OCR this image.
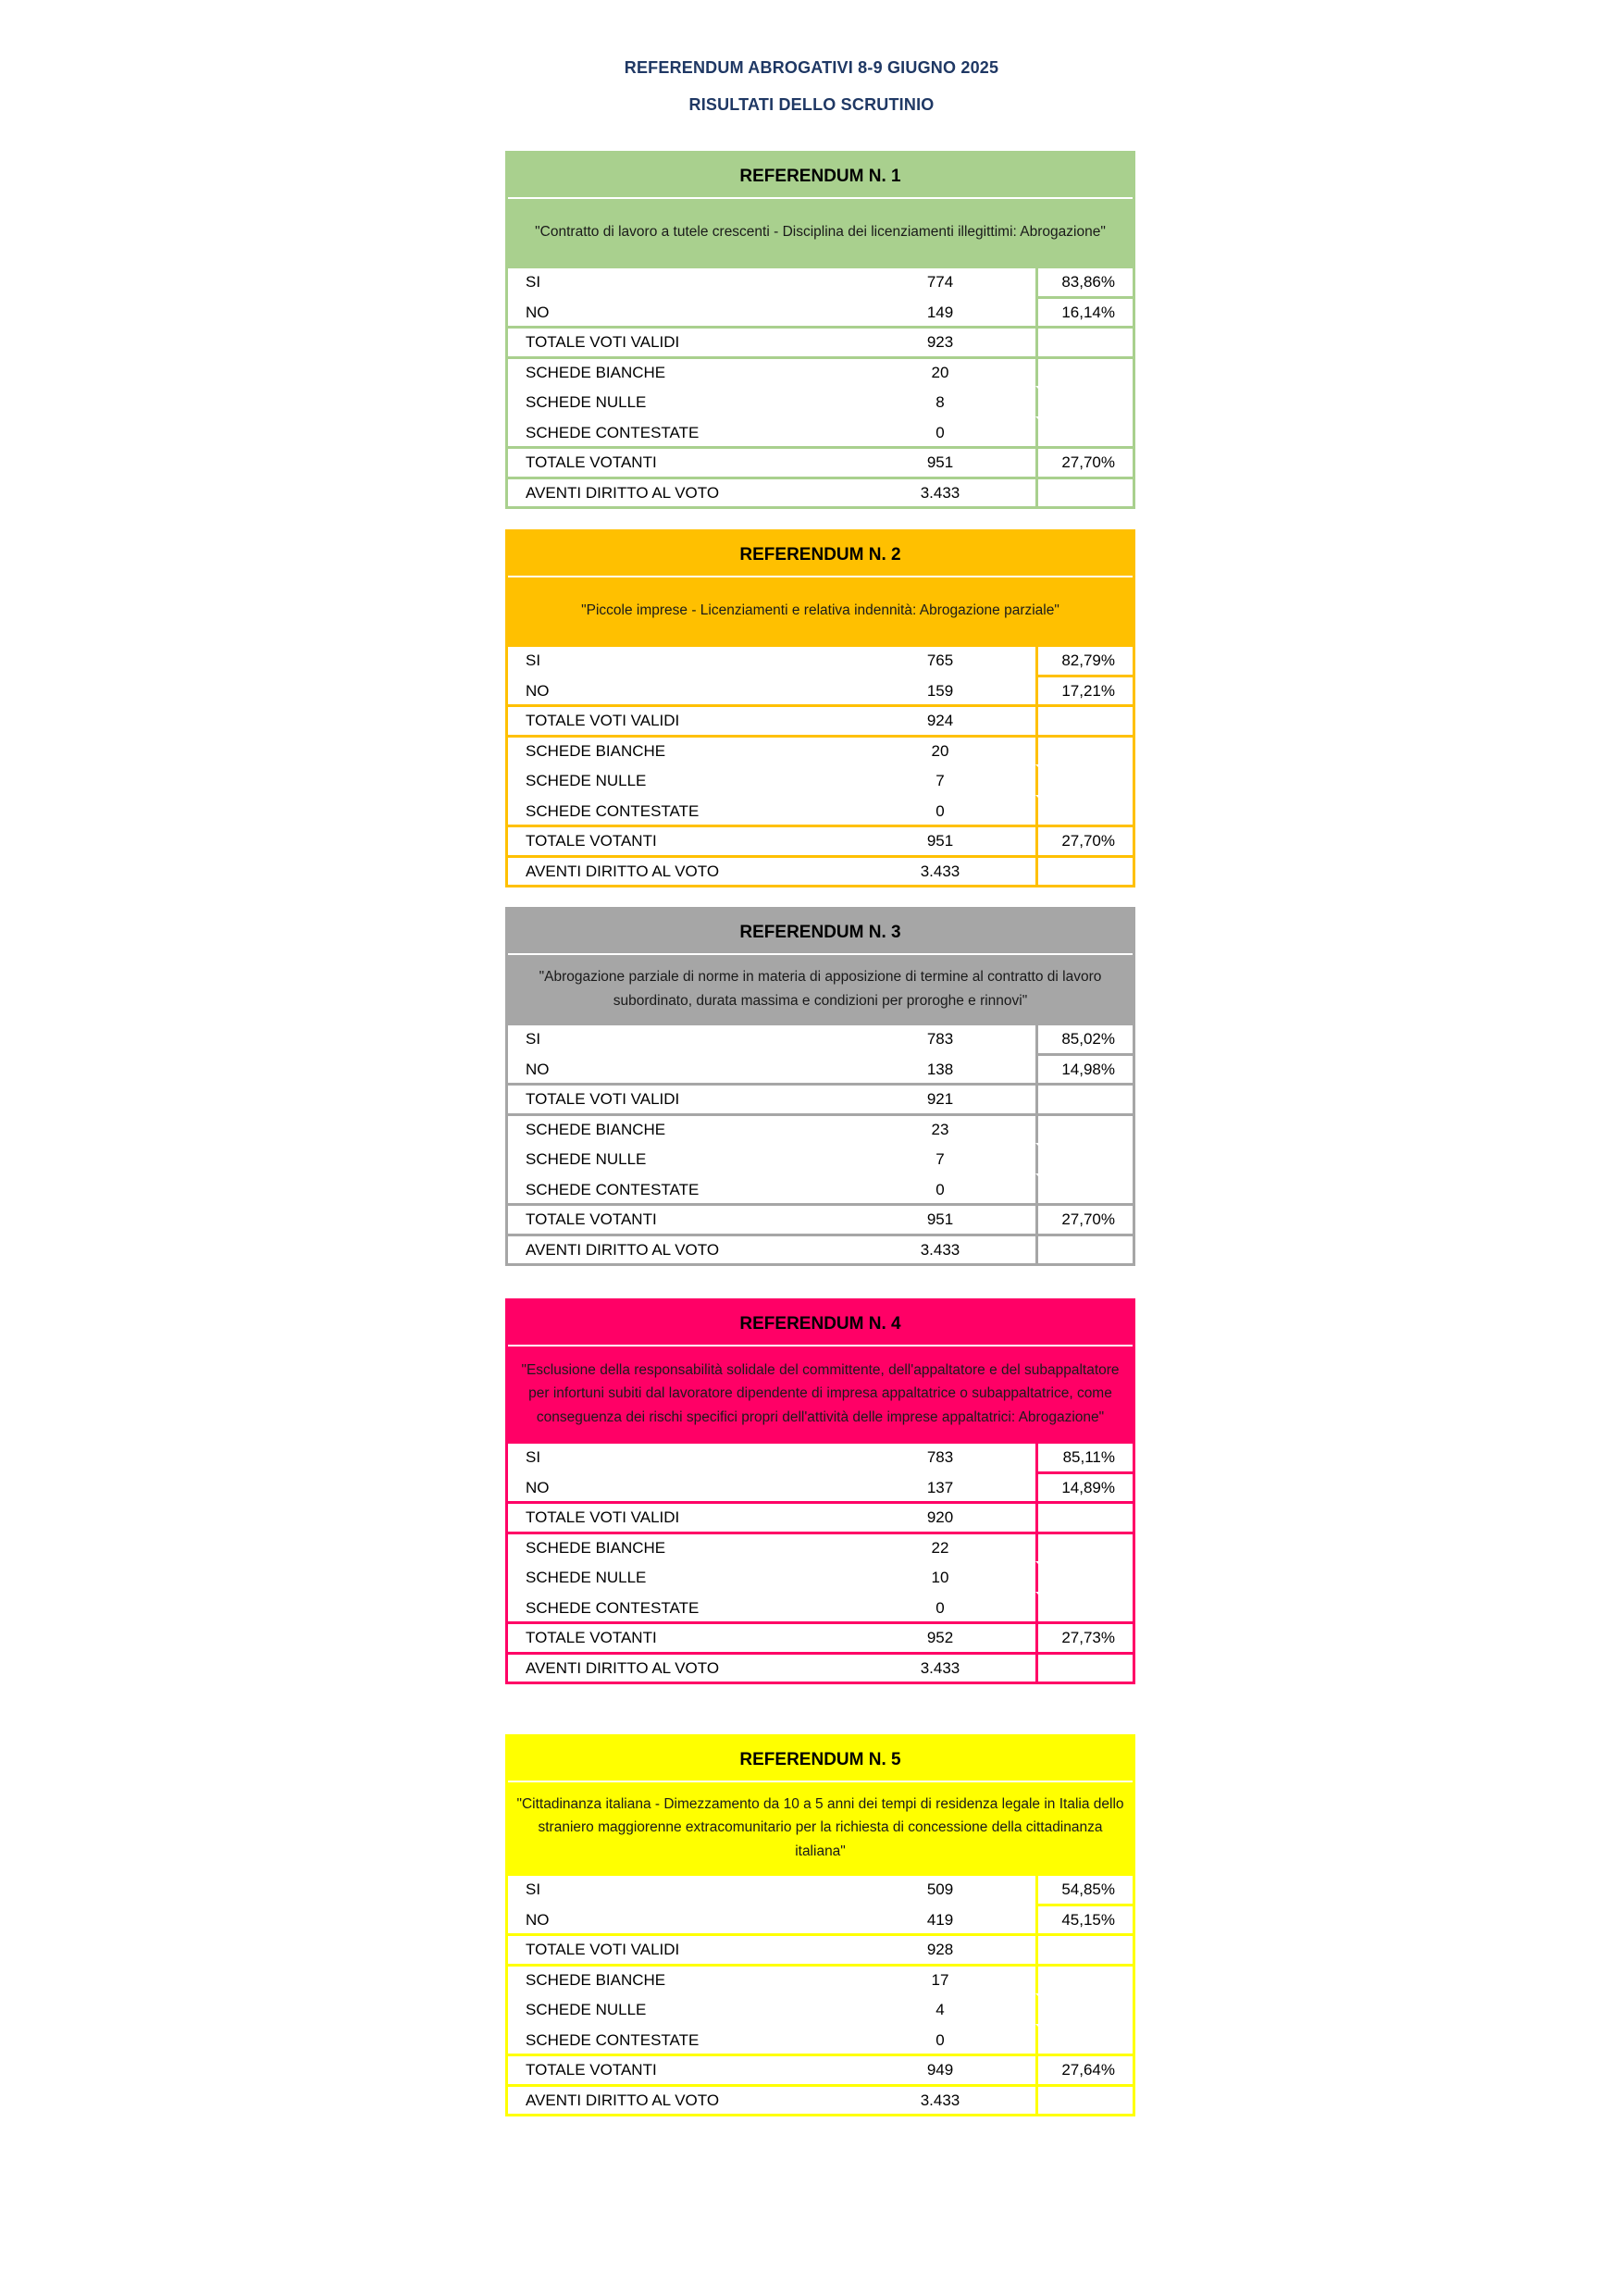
REFERENDUM ABROGATIVI 8-9 GIUGNO 2025
RISULTATI DELLO SCRUTINIO
REFERENDUM N. 1
"Contratto di lavoro a tutele crescenti - Disciplina dei licenziamenti illegittimi: Abrogazione"
SI	774	83,86%
NO	149	16,14%
TOTALE VOTI VALIDI	923
SCHEDE BIANCHE	20
SCHEDE NULLE	8
SCHEDE CONTESTATE	0
TOTALE VOTANTI	951	27,70%
AVENTI DIRITTO AL VOTO	3.433
REFERENDUM N. 2
"Piccole imprese - Licenziamenti e relativa indennità: Abrogazione parziale"
SI	765	82,79%
NO	159	17,21%
TOTALE VOTI VALIDI	924
SCHEDE BIANCHE	20
SCHEDE NULLE	7
SCHEDE CONTESTATE	0
TOTALE VOTANTI	951	27,70%
AVENTI DIRITTO AL VOTO	3.433
REFERENDUM N. 3
"Abrogazione parziale di norme in materia di apposizione di termine al contratto di lavoro subordinato, durata massima e condizioni per proroghe e rinnovi"
SI	783	85,02%
NO	138	14,98%
TOTALE VOTI VALIDI	921
SCHEDE BIANCHE	23
SCHEDE NULLE	7
SCHEDE CONTESTATE	0
TOTALE VOTANTI	951	27,70%
AVENTI DIRITTO AL VOTO	3.433
REFERENDUM N. 4
"Esclusione della responsabilità solidale del committente, dell'appaltatore e del subappaltatore per infortuni subiti dal lavoratore dipendente di impresa appaltatrice o subappaltatrice, come conseguenza dei rischi specifici propri dell'attività delle imprese appaltatrici: Abrogazione"
SI	783	85,11%
NO	137	14,89%
TOTALE VOTI VALIDI	920
SCHEDE BIANCHE	22
SCHEDE NULLE	10
SCHEDE CONTESTATE	0
TOTALE VOTANTI	952	27,73%
AVENTI DIRITTO AL VOTO	3.433
REFERENDUM N. 5
"Cittadinanza italiana - Dimezzamento da 10 a 5 anni dei tempi di residenza legale in Italia dello straniero maggiorenne extracomunitario per la richiesta di concessione della cittadinanza italiana"
SI	509	54,85%
NO	419	45,15%
TOTALE VOTI VALIDI	928
SCHEDE BIANCHE	17
SCHEDE NULLE	4
SCHEDE CONTESTATE	0
TOTALE VOTANTI	949	27,64%
AVENTI DIRITTO AL VOTO	3.433
